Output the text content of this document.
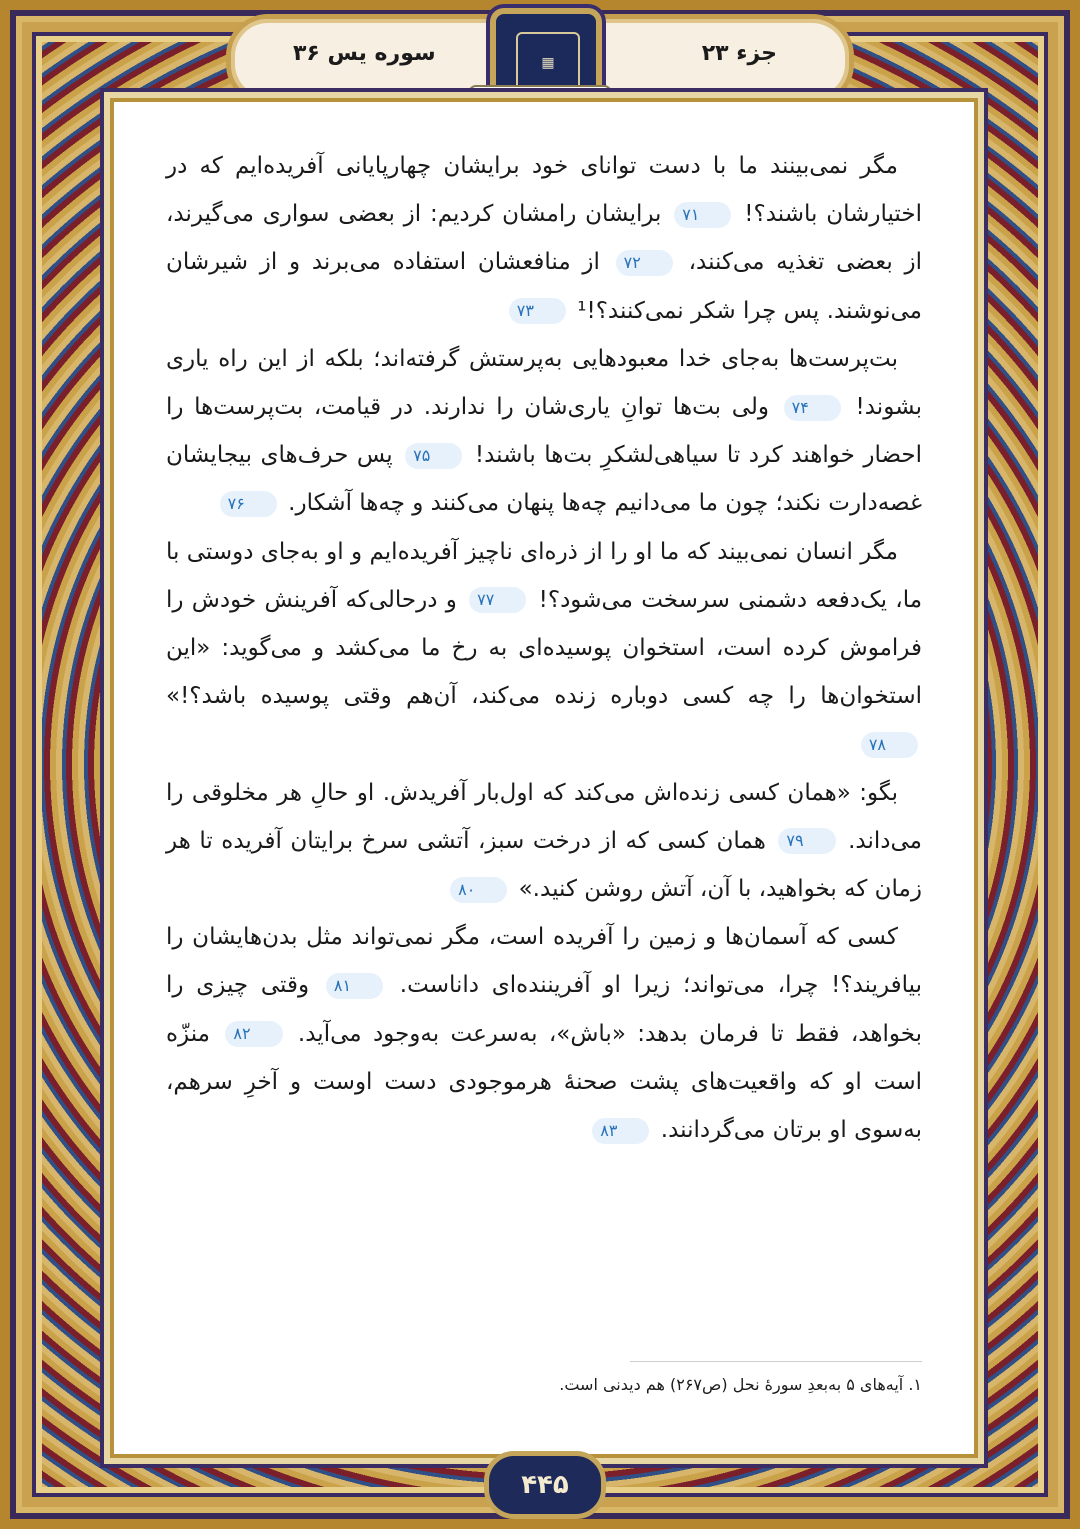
سوره یس ۳۶	جزء ۲۳
▦

مگر نمی‌بینند ما با دست توانای خود برایشان چهارپایانی آفریده‌ایم که در اختیارشان باشند؟! ۷۱ برایشان رامشان کردیم: از بعضی سواری می‌گیرند، از بعضی تغذیه می‌کنند، ۷۲ از منافعشان استفاده می‌برند و از شیرشان می‌نوشند. پس چرا شکر نمی‌کنند؟!¹ ۷۳

بت‌پرست‌ها به‌جای خدا معبودهایی به‌پرستش گرفته‌اند؛ بلکه از این راه یاری بشوند! ۷۴ ولی بت‌ها توانِ یاری‌شان را ندارند. در قیامت، بت‌پرست‌ها را احضار خواهند کرد تا سیاهی‌لشکرِ بت‌ها باشند! ۷۵ پس حرف‌های بیجایشان غصه‌دارت نکند؛ چون ما می‌دانیم چه‌ها پنهان می‌کنند و چه‌ها آشکار. ۷۶

مگر انسان نمی‌بیند که ما او را از ذره‌ای ناچیز آفریده‌ایم و او به‌جای دوستی با ما، یک‌دفعه دشمنی سرسخت می‌شود؟! ۷۷ و درحالی‌که آفرینش خودش را فراموش کرده است، استخوان پوسیده‌ای به رخ ما می‌کشد و می‌گوید: «این استخوان‌ها را چه کسی دوباره زنده می‌کند، آن‌هم وقتی پوسیده باشد؟!» ۷۸

بگو: «همان کسی زنده‌اش می‌کند که اول‌بار آفریدش. او حالِ هر مخلوقی را می‌داند. ۷۹ همان کسی که از درخت سبز، آتشی سرخ برایتان آفریده تا هر زمان که بخواهید، با آن، آتش روشن کنید.» ۸۰

کسی که آسمان‌ها و زمین را آفریده است، مگر نمی‌تواند مثل بدن‌هایشان را بیافریند؟! چرا، می‌تواند؛ زیرا او آفریننده‌ای داناست. ۸۱ وقتی چیزی را بخواهد، فقط تا فرمان بدهد: «باش»، به‌سرعت به‌وجود می‌آید. ۸۲ منزّه است او که واقعیت‌های پشت صحنهٔ هرموجودی دست اوست و آخرِ سرهم، به‌سوی او برتان می‌گردانند. ۸۳

۱. آیه‌های ۵ به‌بعدِ سورهٔ نحل (ص۲۶۷) هم دیدنی است.
۴۴۵
